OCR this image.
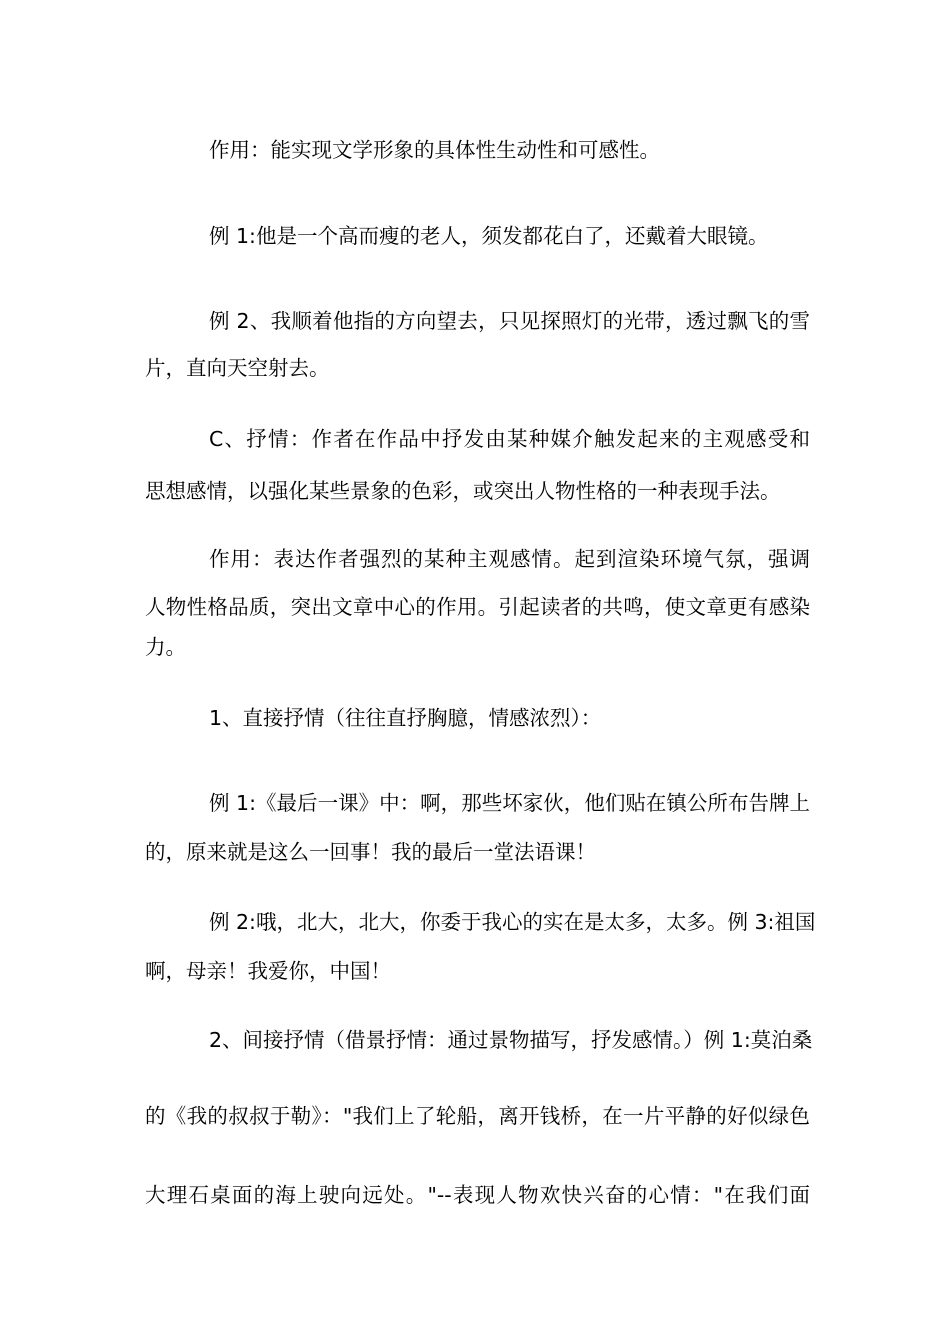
作用：能实现文学形象的具体性生动性和可感性。
例 1:他是一个高而瘦的老人，须发都花白了，还戴着大眼镜。
例 2、我顺着他指的方向望去，只见探照灯的光带，透过飘飞的雪
片，直向天空射去。
C、抒情：作者在作品中抒发由某种媒介触发起来的主观感受和
思想感情，以强化某些景象的色彩，或突出人物性格的一种表现手法。
作用：表达作者强烈的某种主观感情。起到渲染环境气氛，强调
人物性格品质，突出文章中心的作用。引起读者的共鸣，使文章更有感染
力。
1、直接抒情（往往直抒胸臆，情感浓烈）：
例 1:《最后一课》中：啊，那些坏家伙，他们贴在镇公所布告牌上
的，原来就是这么一回事！我的最后一堂法语课！
例 2:哦，北大，北大，你委于我心的实在是太多，太多。例 3:祖国
啊，母亲！我爱你，中国！
2、间接抒情（借景抒情：通过景物描写，抒发感情。）例 1:莫泊桑
的《我的叔叔于勒》："我们上了轮船，离开钱桥，在一片平静的好似绿色
大理石桌面的海上驶向远处。"--表现人物欢快兴奋的心情："在我们面
